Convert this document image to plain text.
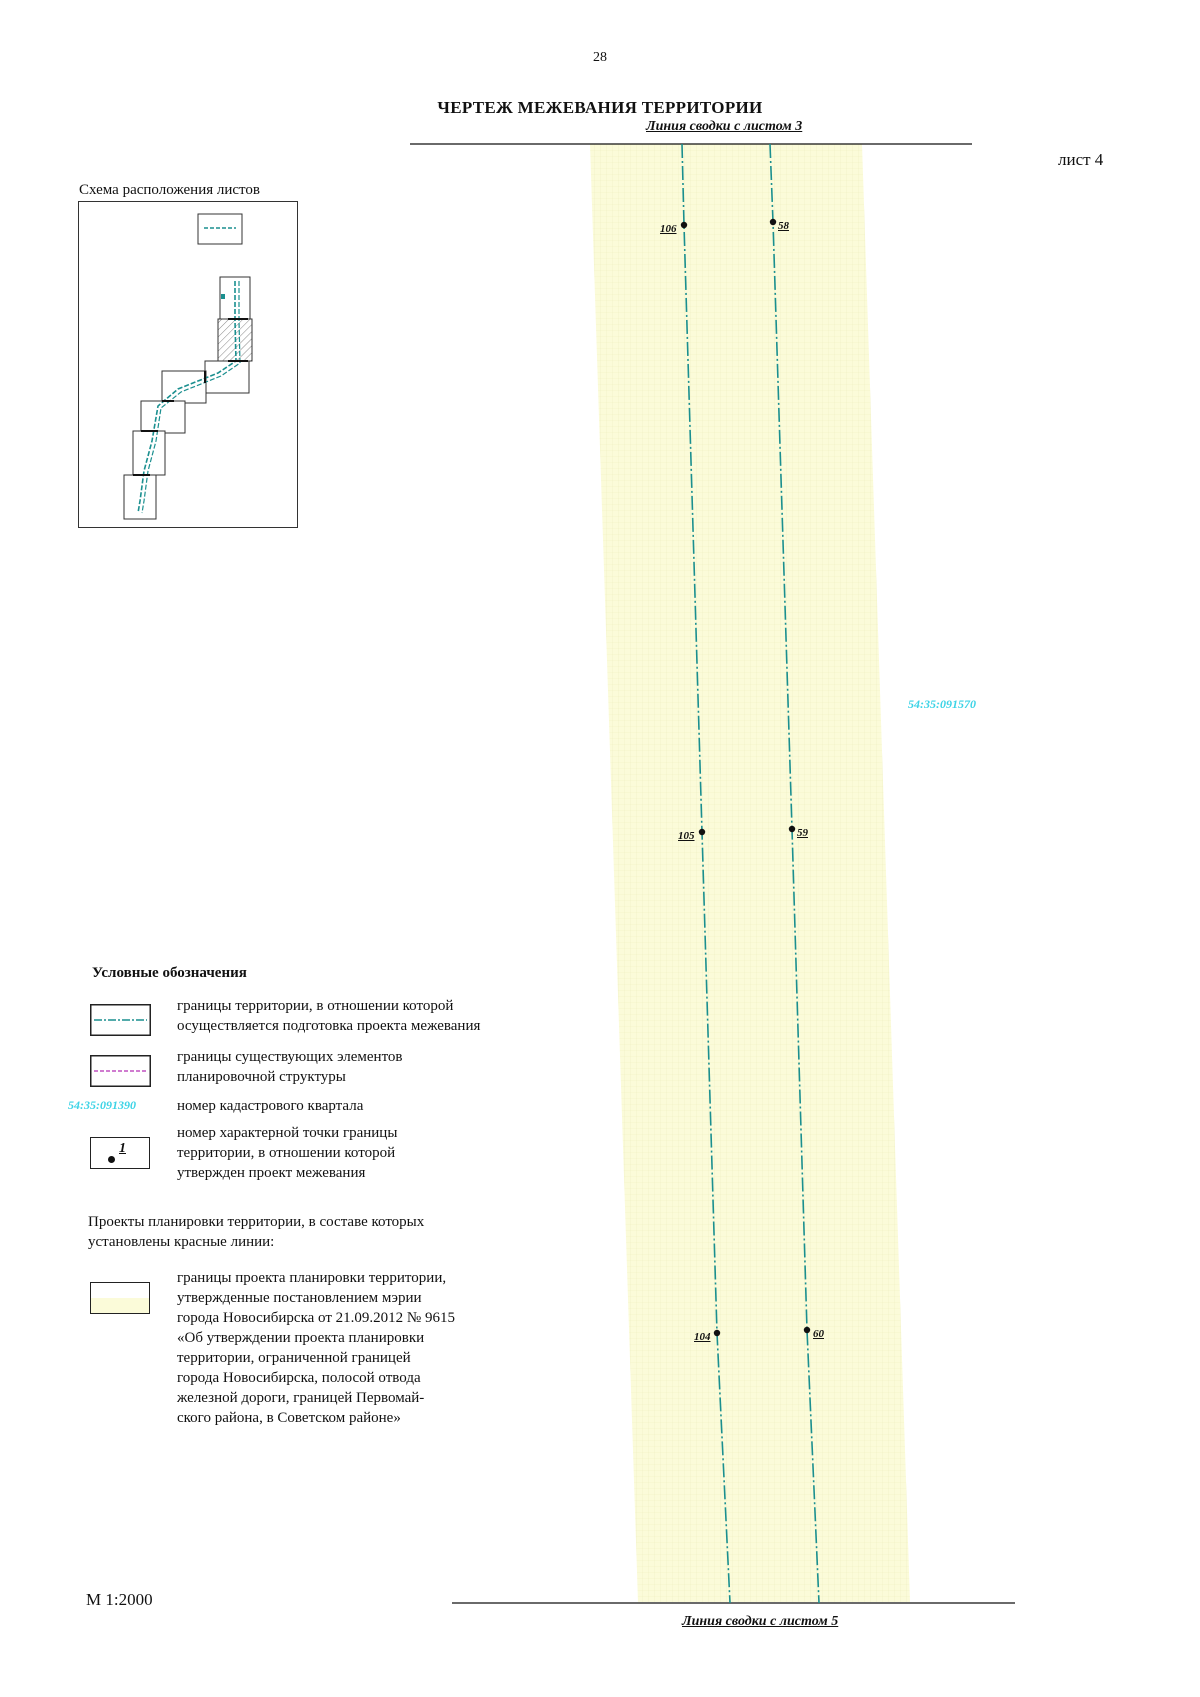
28
ЧЕРТЕЖ МЕЖЕВАНИЯ ТЕРРИТОРИИ
лист 4
Линия сводки с листом 3
Линия сводки с листом 5
54:35:091570
106	58
105	59
104	60
Схема расположения листов
Условные обозначения
границы территории, в отношении которой
осуществляется подготовка проекта межевания
границы существующих элементов
планировочной структуры
54:35:091390	номер кадастрового квартала
1
номер характерной точки границы
территории, в отношении которой
утвержден проект межевания
Проекты планировки территории, в составе которых
установлены красные линии:
границы проекта планировки территории,
утвержденные постановлением мэрии
города Новосибирска от 21.09.2012 № 9615
«Об утверждении проекта планировки
территории, ограниченной границей
города Новосибирска, полосой отвода
железной дороги, границей Первомай-
ского района, в Советском районе»
М 1:2000
